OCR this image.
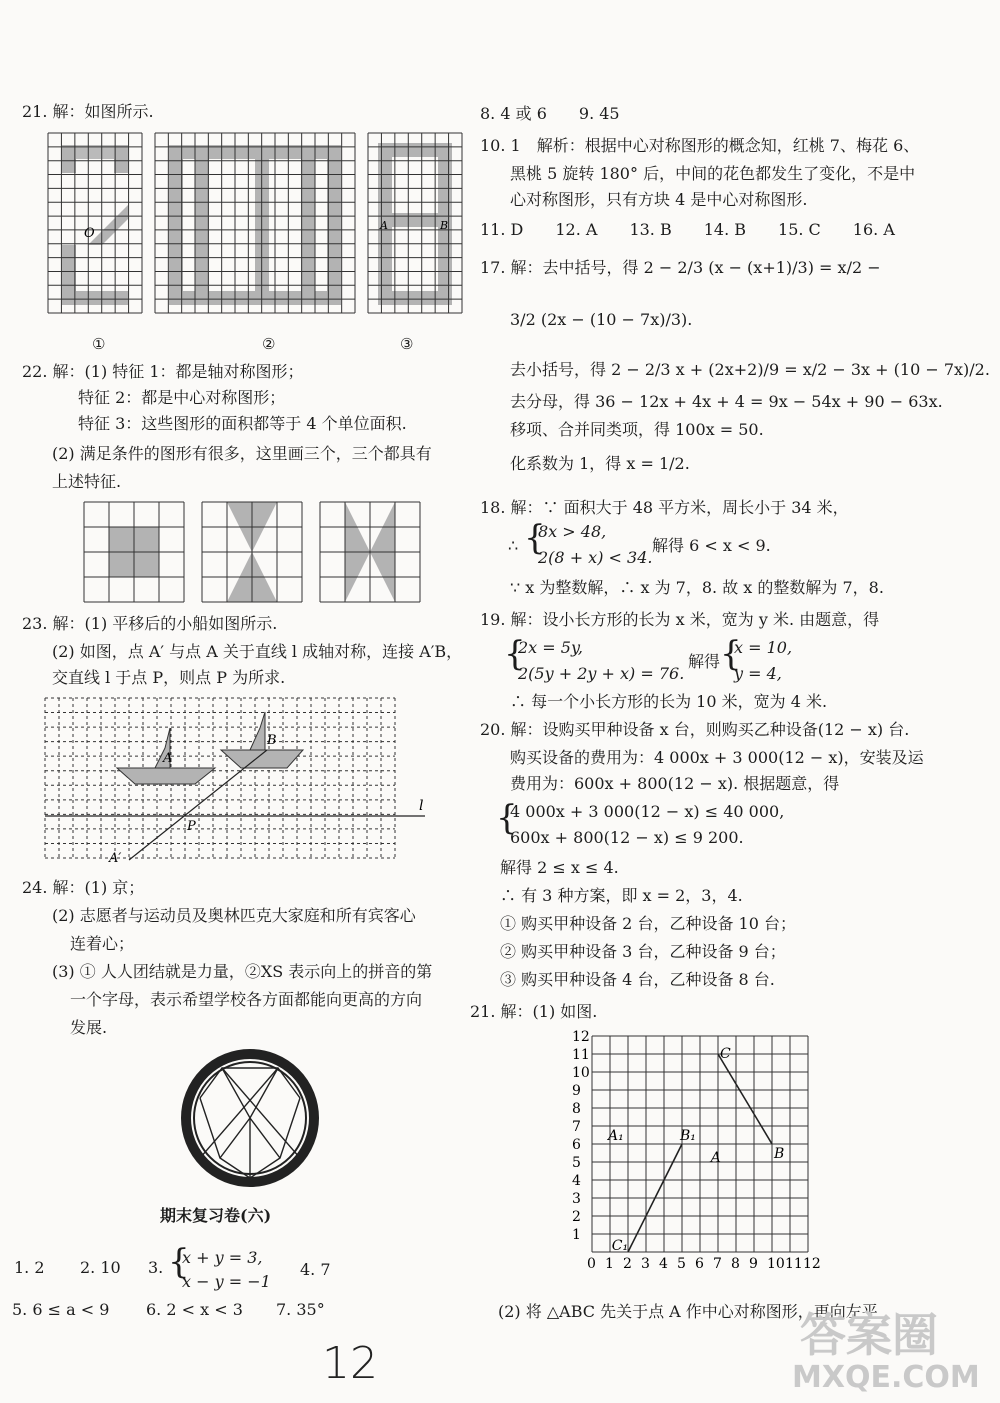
21. 解：如图所示.
O
A	B
①	②	③
22. 解：(1) 特征 1：都是轴对称图形；
特征 2：都是中心对称图形；
特征 3：这些图形的面积都等于 4 个单位面积.
(2) 满足条件的图形有很多，这里画三个，三个都具有
上述特征.
23. 解：(1) 平移后的小船如图所示.
(2) 如图，点 A′ 与点 A 关于直线 l 成轴对称，连接 A′B，
交直线 l 于点 P，则点 P 为所求.
A
B
P
A′
l
24. 解：(1) 京；
(2) 志愿者与运动员及奥林匹克大家庭和所有宾客心
连着心；
(3) ① 人人团结就是力量，②XS 表示向上的拼音的第
一个字母，表示希望学校各方面都能向更高的方向
发展.
期末复习卷(六)
1. 2 2. 10 3. {
x + y = 3,
x − y = −1
4. 7
5. 6 ≤ a < 9 6. 2 < x < 3 7. 35°
12
8. 4 或 6　　9. 45
10. 1　解析：根据中心对称图形的概念知，红桃 7、梅花 6、
黑桃 5 旋转 180° 后，中间的花色都发生了变化，不是中
心对称图形，只有方块 4 是中心对称图形.
11. D　　12. A　　13. B　　14. B　　15. C　　16. A
17. 解：去中括号，得 2 − 2/3 (x − (x+1)/3) = x/2 −
3/2 (2x − (10 − 7x)/3).
去小括号，得 2 − 2/3 x + (2x+2)/9 = x/2 − 3x + (10 − 7x)/2.
去分母，得 36 − 12x + 4x + 4 = 9x − 54x + 90 − 63x.
移项、合并同类项，得 100x = 50.
化系数为 1，得 x = 1/2.
18. 解：∵ 面积大于 48 平方米，周长小于 34 米，
∴ {
8x > 48,
2(8 + x) < 34.
解得 6 < x < 9.
∵ x 为整数解，∴ x 为 7，8. 故 x 的整数解为 7，8.
19. 解：设小长方形的长为 x 米，宽为 y 米. 由题意，得
{
2x = 5y,
2(5y + 2y + x) = 76.
解得 {
x = 10,
y = 4,
∴ 每一个小长方形的长为 10 米，宽为 4 米.
20. 解：设购买甲种设备 x 台，则购买乙种设备(12 − x) 台.
购买设备的费用为：4 000x + 3 000(12 − x)，安装及运
费用为：600x + 800(12 − x). 根据题意，得
{
4 000x + 3 000(12 − x) ≤ 40 000,
600x + 800(12 − x) ≤ 9 200.
解得 2 ≤ x ≤ 4.
∴ 有 3 种方案，即 x = 2，3，4.
① 购买甲种设备 2 台，乙种设备 10 台；
② 购买甲种设备 3 台，乙种设备 9 台；
③ 购买甲种设备 4 台，乙种设备 8 台.
21. 解：(1) 如图.
0 1
1
2
2
3
3
4
4
5
5
6
6
7
7
8
8
9
9
10
10
11
11
12
12
C
A₁	B₁
A	B
C₁
(2) 将 △ABC 先关于点 A 作中心对称图形，再向左平
答案圈
MXQE.COM
